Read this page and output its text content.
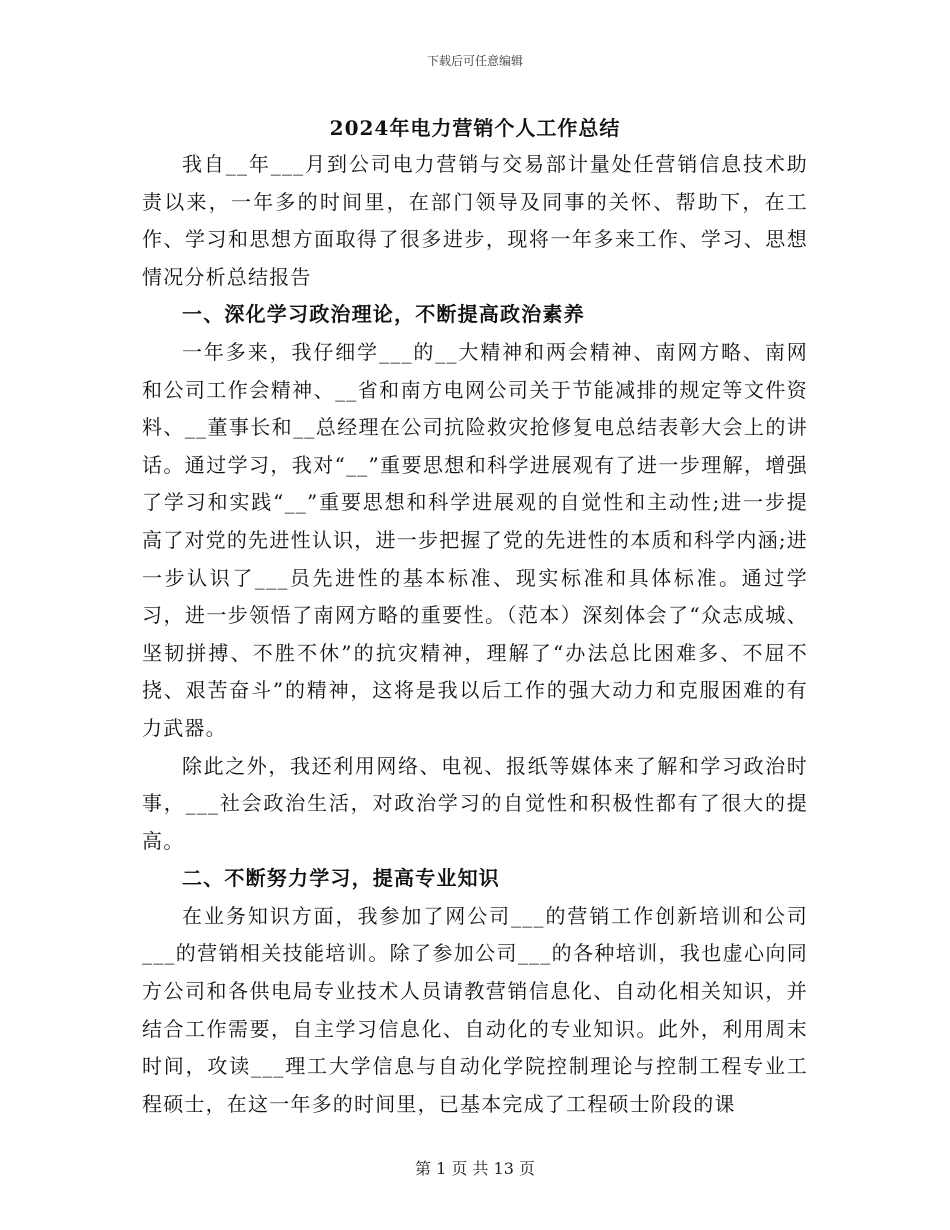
下载后可任意编辑
2024年电力营销个人工作总结

我自__年___月到公司电力营销与交易部计量处任营销信息技术助责以来，一年多的时间里，在部门领导及同事的关怀、帮助下，在工作、学习和思想方面取得了很多进步，现将一年多来工作、学习、思想情况分析总结报告

一、深化学习政治理论，不断提高政治素养

一年多来，我仔细学___的__大精神和两会精神、南网方略、南网和公司工作会精神、__省和南方电网公司关于节能减排的规定等文件资料、__董事长和__总经理在公司抗险救灾抢修复电总结表彰大会上的讲话。通过学习，我对“__”重要思想和科学进展观有了进一步理解，增强了学习和实践“__”重要思想和科学进展观的自觉性和主动性;进一步提高了对党的先进性认识，进一步把握了党的先进性的本质和科学内涵;进一步认识了___员先进性的基本标准、现实标准和具体标准。通过学习，进一步领悟了南网方略的重要性。（范本）深刻体会了“众志成城、坚韧拼搏、不胜不休”的抗灾精神，理解了“办法总比困难多、不屈不挠、艰苦奋斗”的精神，这将是我以后工作的强大动力和克服困难的有力武器。

除此之外，我还利用网络、电视、报纸等媒体来了解和学习政治时事，___社会政治生活，对政治学习的自觉性和积极性都有了很大的提高。

二、不断努力学习，提高专业知识

在业务知识方面，我参加了网公司___的营销工作创新培训和公司___的营销相关技能培训。除了参加公司___的各种培训，我也虚心向同方公司和各供电局专业技术人员请教营销信息化、自动化相关知识，并结合工作需要，自主学习信息化、自动化的专业知识。此外，利用周末时间，攻读___理工大学信息与自动化学院控制理论与控制工程专业工程硕士，在这一年多的时间里，已基本完成了工程硕士阶段的课

第 1 页 共 13 页
